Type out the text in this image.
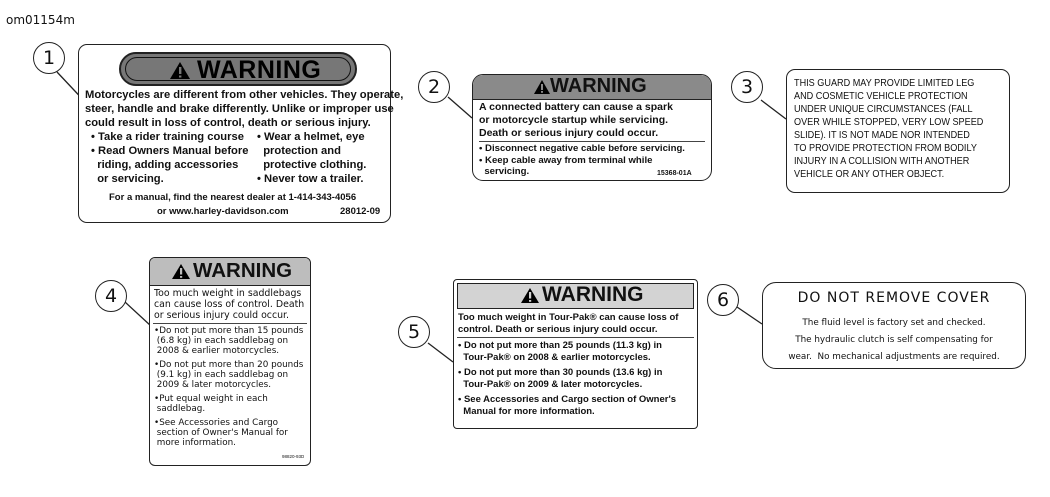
om01154m
1
2	3
4
5
6
WARNING
Motorcycles are different from other vehicles. They operate,
steer, handle and brake differently. Unlike or improper use
could result in loss of control, death or serious injury.
• Take a rider training course
• Read Owners Manual before
riding, adding accessories
or servicing.
• Wear a helmet, eye
protection and
protective clothing.
• Never tow a trailer.
For a manual, find the nearest dealer at 1-414-343-4056
or www.harley-davidson.com	28012-09
WARNING
A connected battery can cause a spark
or motorcycle startup while servicing.
Death or serious injury could occur.
• Disconnect negative cable before servicing.
• Keep cable away from terminal while
servicing.	15368-01A
THIS GUARD MAY PROVIDE LIMITED LEG
AND COSMETIC VEHICLE PROTECTION
UNDER UNIQUE CIRCUMSTANCES (FALL
OVER WHILE STOPPED, VERY LOW SPEED
SLIDE). IT IS NOT MADE NOR INTENDED
TO PROVIDE PROTECTION FROM BODILY
INJURY IN A COLLISION WITH ANOTHER
VEHICLE OR ANY OTHER OBJECT.
WARNING
Too much weight in saddlebags
can cause loss of control. Death
or serious injury could occur.
•Do not put more than 15 pounds
(6.8 kg) in each saddlebag on
2008 & earlier motorcycles.
•Do not put more than 20 pounds
(9.1 kg) in each saddlebag on
2009 & later motorcycles.
•Put equal weight in each
saddlebag.
•See Accessories and Cargo
section of Owner's Manual for
more information.
98820-93D
WARNING
Too much weight in Tour-Pak® can cause loss of
control. Death or serious injury could occur.
• Do not put more than 25 pounds (11.3 kg) in
Tour-Pak® on 2008 & earlier motorcycles.
• Do not put more than 30 pounds (13.6 kg) in
Tour-Pak® on 2009 & later motorcycles.
• See Accessories and Cargo section of Owner's
Manual for more information.
DO NOT REMOVE COVER
The fluid level is factory set and checked.
The hydraulic clutch is self compensating for
wear.  No mechanical adjustments are required.
